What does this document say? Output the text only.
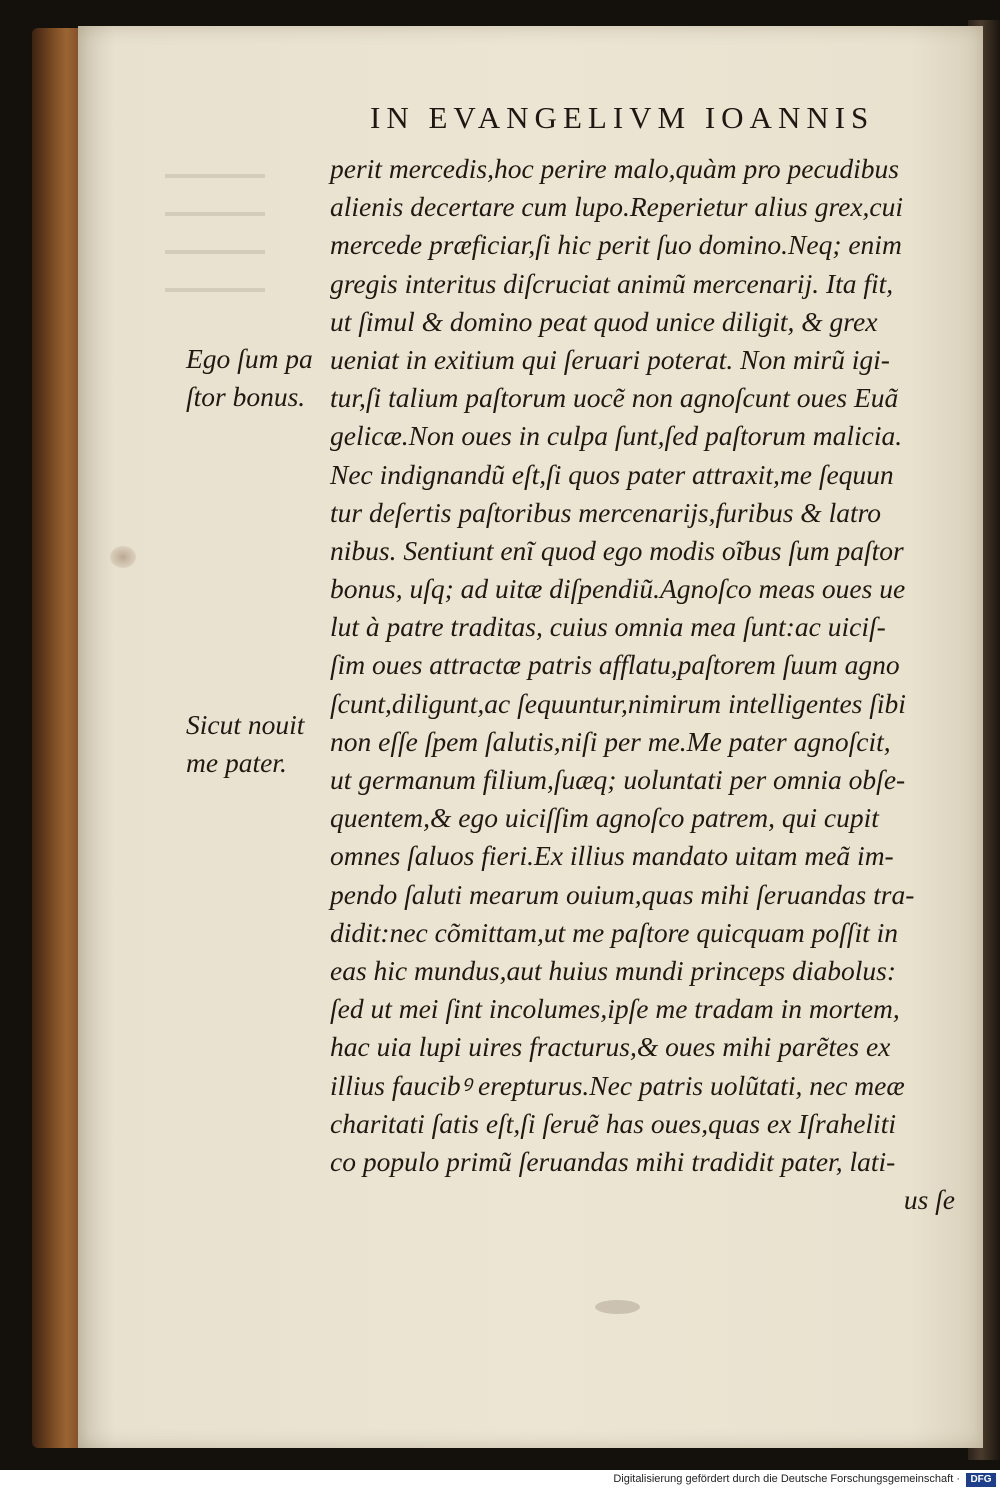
IN EVANGELIVM IOANNIS
Ego ſum pa
ſtor bonus.
Sicut nouit
me pater.
perit mercedis,hoc perire malo,quàm pro pecudibus
alienis decertare cum lupo.Reperietur alius grex,cui
mercede præficiar,ſi hic perit ſuo domino.Neq; enim
gregis interitus diſcruciat animũ mercenarij. Ita fit,
ut ſimul & domino peat quod unice diligit, & grex
ueniat in exitium qui ſeruari poterat. Non mirũ igi-
tur,ſi talium paſtorum uocẽ non agnoſcunt oues Euã
gelicæ.Non oues in culpa ſunt,ſed paſtorum malicia.
Nec indignandũ eſt,ſi quos pater attraxit,me ſequun
tur deſertis paſtoribus mercenarijs,furibus & latro
nibus. Sentiunt enĩ quod ego modis oĩbus ſum paſtor
bonus, uſq; ad uitæ diſpendiũ.Agnoſco meas oues ue
lut à patre traditas, cuius omnia mea ſunt:ac uiciſ-
ſim oues attractæ patris afflatu,paſtorem ſuum agno
ſcunt,diligunt,ac ſequuntur,nimirum intelligentes ſibi
non eſſe ſpem ſalutis,niſi per me.Me pater agnoſcit,
ut germanum filium,ſuæq; uoluntati per omnia obſe-
quentem,& ego uiciſſim agnoſco patrem, qui cupit
omnes ſaluos fieri.Ex illius mandato uitam meã im-
pendo ſaluti mearum ouium,quas mihi ſeruandas tra-
didit:nec cõmittam,ut me paſtore quicquam poſſit in
eas hic mundus,aut huius mundi princeps diabolus:
ſed ut mei ſint incolumes,ipſe me tradam in mortem,
hac uia lupi uires fracturus,& oues mihi parẽtes ex
illius faucibꝰ erepturus.Nec patris uolũtati, nec meæ
charitati ſatis eſt,ſi ſeruẽ has oues,quas ex Iſraheliti
co populo primũ ſeruandas mihi tradidit pater, lati-
us ſe
Digitalisierung gefördert durch die Deutsche Forschungsgemeinschaft ·	DFG
